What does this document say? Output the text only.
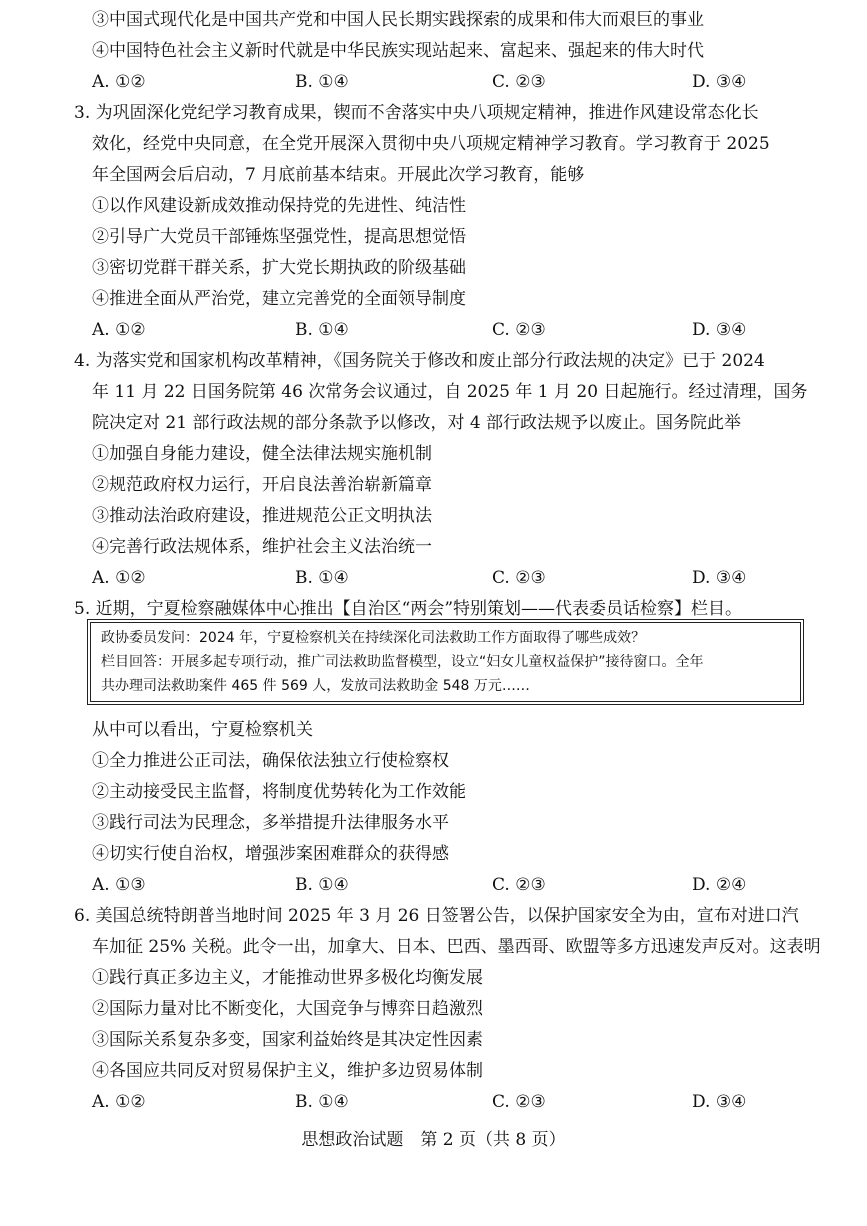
③中国式现代化是中国共产党和中国人民长期实践探索的成果和伟大而艰巨的事业
④中国特色社会主义新时代就是中华民族实现站起来、富起来、强起来的伟大时代
A. ①②	B. ①④	C. ②③	D. ③④
3. 为巩固深化党纪学习教育成果，锲而不舍落实中央八项规定精神，推进作风建设常态化长
效化，经党中央同意，在全党开展深入贯彻中央八项规定精神学习教育。学习教育于 2025
年全国两会后启动，7 月底前基本结束。开展此次学习教育，能够
①以作风建设新成效推动保持党的先进性、纯洁性
②引导广大党员干部锤炼坚强党性，提高思想觉悟
③密切党群干群关系，扩大党长期执政的阶级基础
④推进全面从严治党，建立完善党的全面领导制度
A. ①②	B. ①④	C. ②③	D. ③④
4. 为落实党和国家机构改革精神，《国务院关于修改和废止部分行政法规的决定》已于 2024
年 11 月 22 日国务院第 46 次常务会议通过，自 2025 年 1 月 20 日起施行。经过清理，国务
院决定对 21 部行政法规的部分条款予以修改，对 4 部行政法规予以废止。国务院此举
①加强自身能力建设，健全法律法规实施机制
②规范政府权力运行，开启良法善治崭新篇章
③推动法治政府建设，推进规范公正文明执法
④完善行政法规体系，维护社会主义法治统一
A. ①②	B. ①④	C. ②③	D. ③④
5. 近期，宁夏检察融媒体中心推出【自治区“两会”特别策划——代表委员话检察】栏目。
政协委员发问：2024 年，宁夏检察机关在持续深化司法救助工作方面取得了哪些成效？
栏目回答：开展多起专项行动，推广司法救助监督模型，设立“妇女儿童权益保护”接待窗口。全年
共办理司法救助案件 465 件 569 人，发放司法救助金 548 万元……
从中可以看出，宁夏检察机关
①全力推进公正司法，确保依法独立行使检察权
②主动接受民主监督，将制度优势转化为工作效能
③践行司法为民理念，多举措提升法律服务水平
④切实行使自治权，增强涉案困难群众的获得感
A. ①③	B. ①④	C. ②③	D. ②④
6. 美国总统特朗普当地时间 2025 年 3 月 26 日签署公告，以保护国家安全为由，宣布对进口汽
车加征 25% 关税。此令一出，加拿大、日本、巴西、墨西哥、欧盟等多方迅速发声反对。这表明
①践行真正多边主义，才能推动世界多极化均衡发展
②国际力量对比不断变化，大国竞争与博弈日趋激烈
③国际关系复杂多变，国家利益始终是其决定性因素
④各国应共同反对贸易保护主义，维护多边贸易体制
A. ①②	B. ①④	C. ②③	D. ③④
思想政治试题　第 2 页（共 8 页）
